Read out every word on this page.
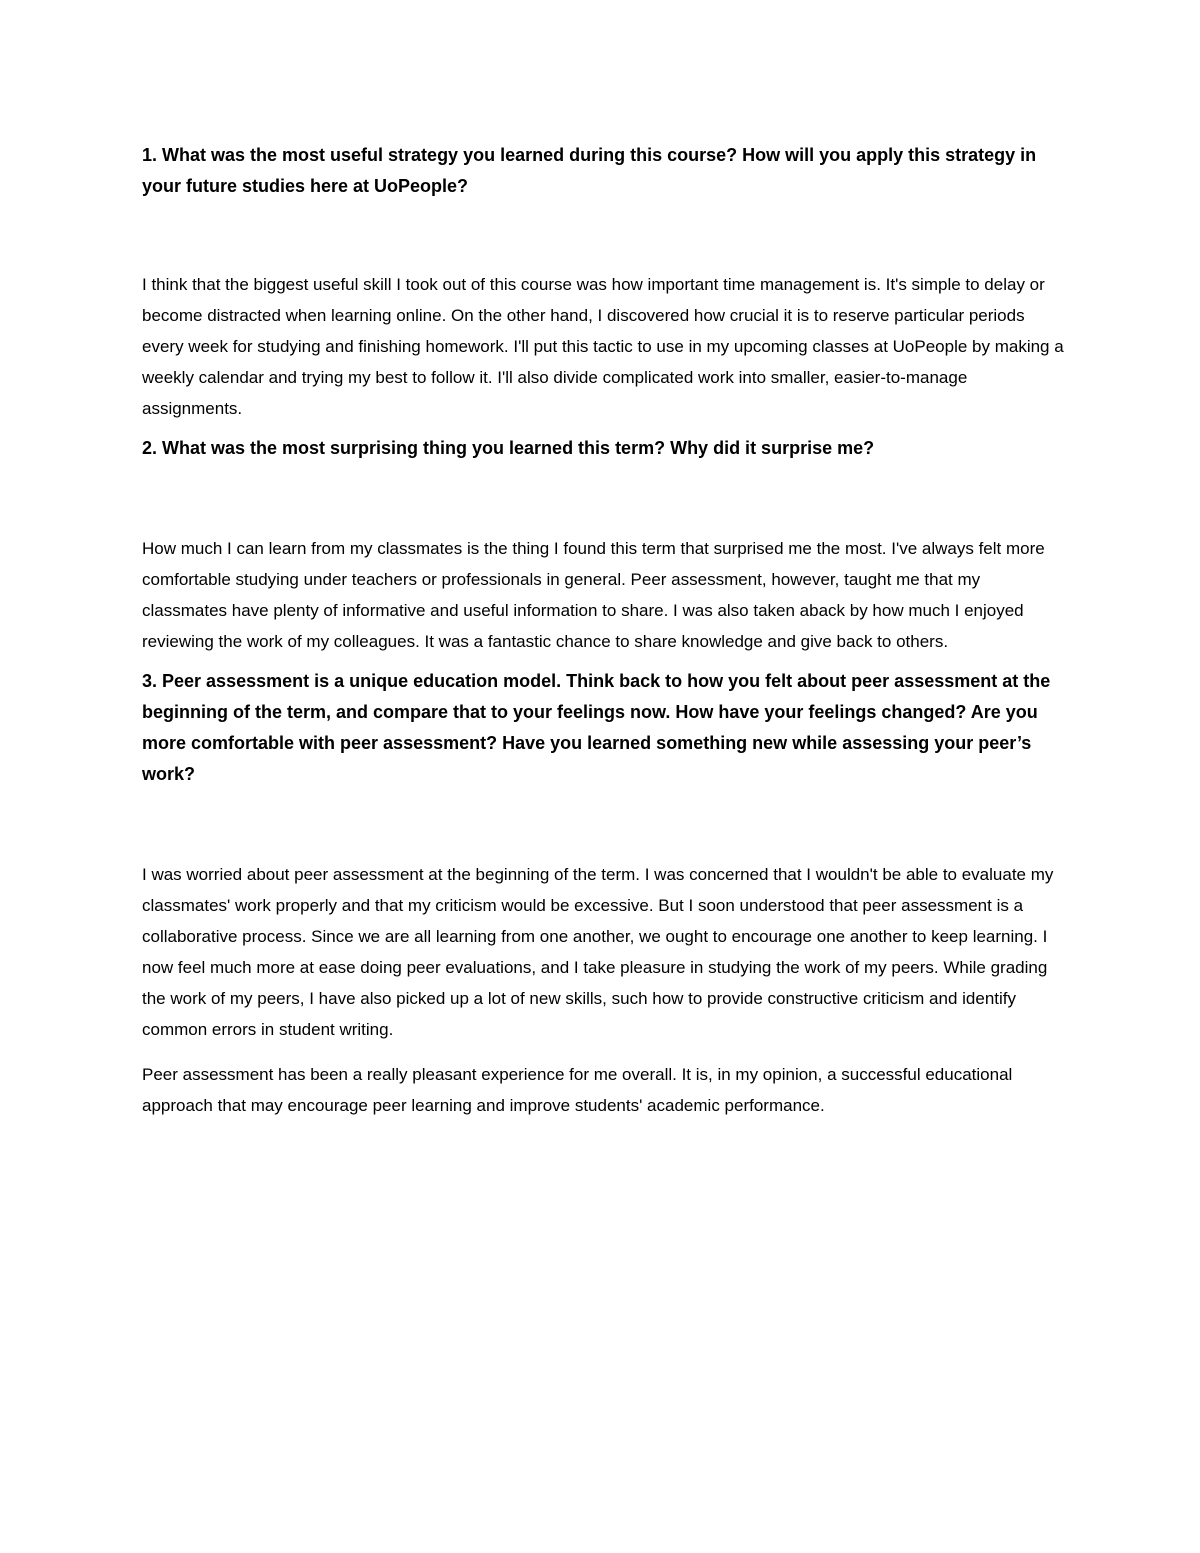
1. What was the most useful strategy you learned during this course? How will you apply this strategy in your future studies here at UoPeople?

I think that the biggest useful skill I took out of this course was how important time management is. It's simple to delay or become distracted when learning online. On the other hand, I discovered how crucial it is to reserve particular periods every week for studying and finishing homework. I'll put this tactic to use in my upcoming classes at UoPeople by making a weekly calendar and trying my best to follow it. I'll also divide complicated work into smaller, easier-to-manage assignments.

2. What was the most surprising thing you learned this term? Why did it surprise me?

How much I can learn from my classmates is the thing I found this term that surprised me the most. I've always felt more comfortable studying under teachers or professionals in general. Peer assessment, however, taught me that my classmates have plenty of informative and useful information to share. I was also taken aback by how much I enjoyed reviewing the work of my colleagues. It was a fantastic chance to share knowledge and give back to others.

3. Peer assessment is a unique education model. Think back to how you felt about peer assessment at the beginning of the term, and compare that to your feelings now. How have your feelings changed? Are you more comfortable with peer assessment? Have you learned something new while assessing your peer’s work?

I was worried about peer assessment at the beginning of the term. I was concerned that I wouldn't be able to evaluate my classmates' work properly and that my criticism would be excessive. But I soon understood that peer assessment is a collaborative process. Since we are all learning from one another, we ought to encourage one another to keep learning. I now feel much more at ease doing peer evaluations, and I take pleasure in studying the work of my peers. While grading the work of my peers, I have also picked up a lot of new skills, such how to provide constructive criticism and identify common errors in student writing.

Peer assessment has been a really pleasant experience for me overall. It is, in my opinion, a successful educational approach that may encourage peer learning and improve students' academic performance.
